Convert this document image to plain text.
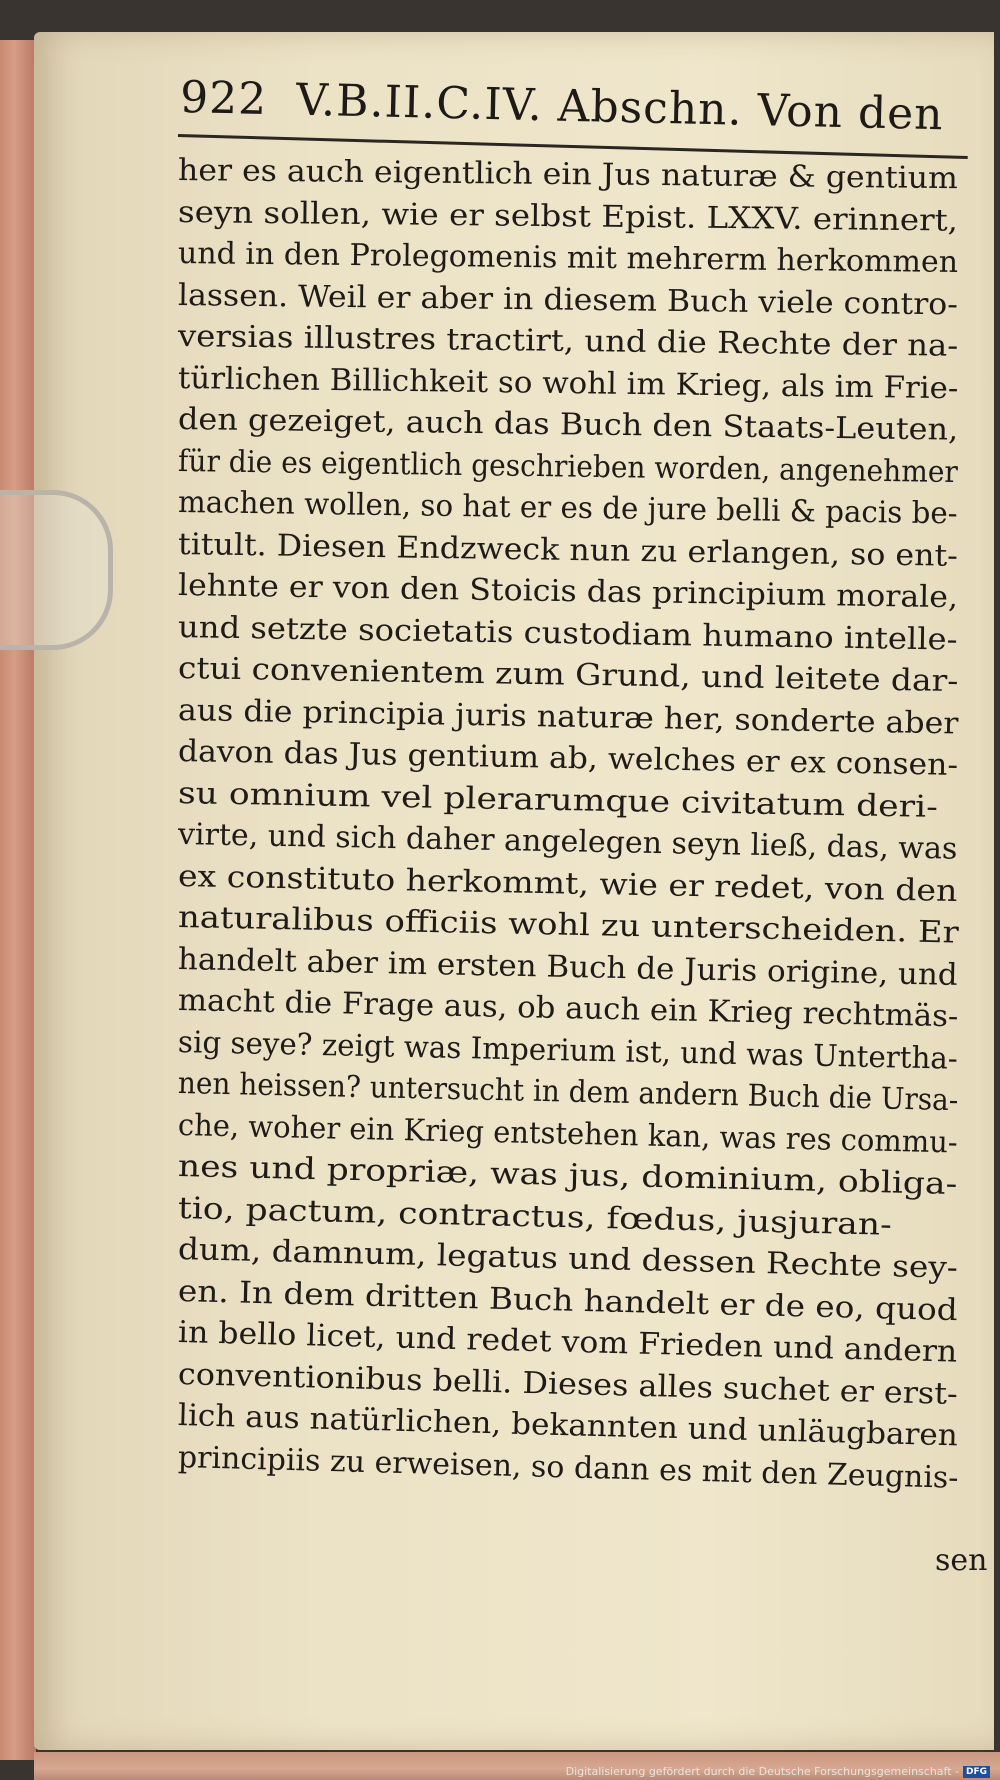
922 V.B.II.C.IV. Abschn. Von den
her es auch eigentlich ein Jus naturæ & gentium
seyn sollen, wie er selbst Epist. LXXV. erinnert,
und in den Prolegomenis mit mehrerm herkommen
lassen. Weil er aber in diesem Buch viele contro-
versias illustres tractirt, und die Rechte der na-
türlichen Billichkeit so wohl im Krieg, als im Frie-
den gezeiget, auch das Buch den Staats-Leuten,
für die es eigentlich geschrieben worden, angenehmer
machen wollen, so hat er es de jure belli & pacis be-
titult. Diesen Endzweck nun zu erlangen, so ent-
lehnte er von den Stoicis das principium morale,
und setzte societatis custodiam humano intelle-
ctui convenientem zum Grund, und leitete dar-
aus die principia juris naturæ her, sonderte aber
davon das Jus gentium ab, welches er ex consen-
su omnium vel plerarumque civitatum deri-
virte, und sich daher angelegen seyn ließ, das, was
ex constituto herkommt, wie er redet, von den
naturalibus officiis wohl zu unterscheiden. Er
handelt aber im ersten Buch de Juris origine, und
macht die Frage aus, ob auch ein Krieg rechtmäs-
sig seye? zeigt was Imperium ist, und was Untertha-
nen heissen? untersucht in dem andern Buch die Ursa-
che, woher ein Krieg entstehen kan, was res commu-
nes und propriæ, was jus, dominium, obliga-
tio, pactum, contractus, fœdus, jusjuran-
dum, damnum, legatus und dessen Rechte sey-
en. In dem dritten Buch handelt er de eo, quod
in bello licet, und redet vom Frieden und andern
conventionibus belli. Dieses alles suchet er erst-
lich aus natürlichen, bekannten und unläugbaren
principiis zu erweisen, so dann es mit den Zeugnis-
sen
Digitalisierung gefördert durch die Deutsche Forschungsgemeinschaft - DFG
